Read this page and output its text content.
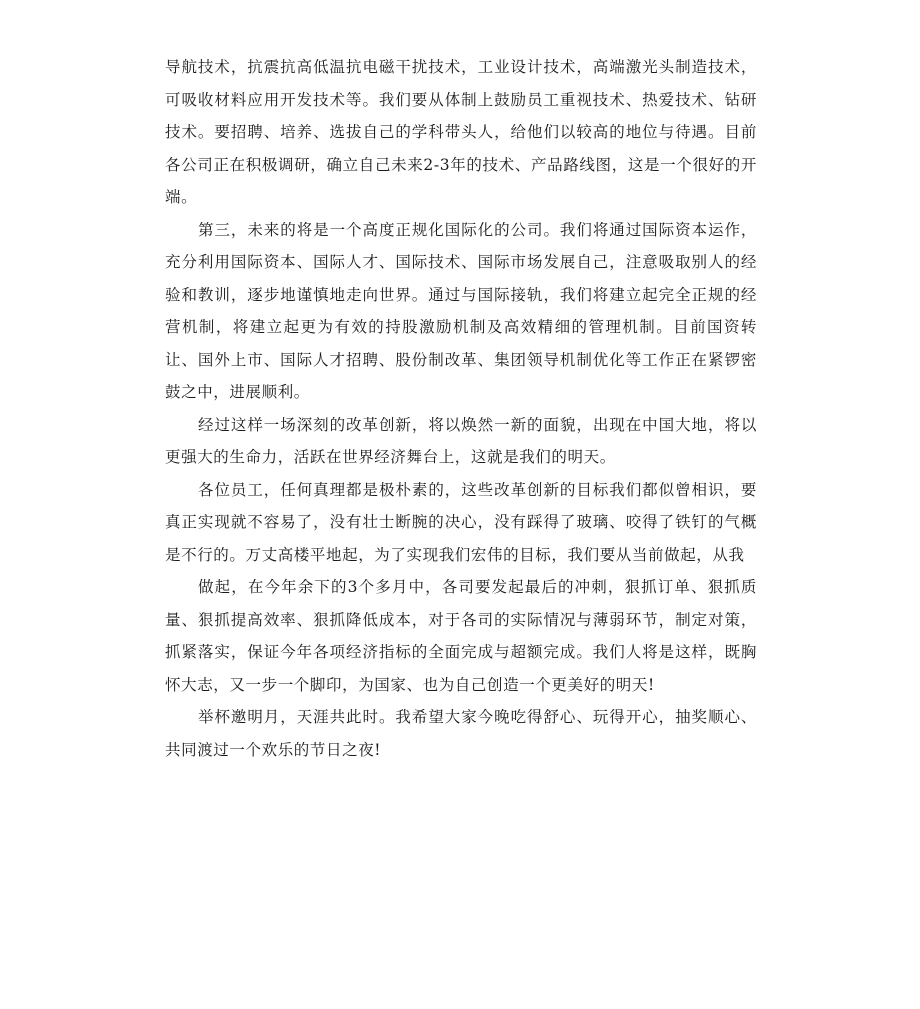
导航技术，抗震抗高低温抗电磁干扰技术，工业设计技术，高端激光头制造技术，可吸收材料应用开发技术等。我们要从体制上鼓励员工重视技术、热爱技术、钻研技术。要招聘、培养、选拔自己的学科带头人，给他们以较高的地位与待遇。目前各公司正在积极调研，确立自己未来2-3年的技术、产品路线图，这是一个很好的开端。

第三，未来的将是一个高度正规化国际化的公司。我们将通过国际资本运作，充分利用国际资本、国际人才、国际技术、国际市场发展自己，注意吸取别人的经验和教训，逐步地谨慎地走向世界。通过与国际接轨，我们将建立起完全正规的经营机制，将建立起更为有效的持股激励机制及高效精细的管理机制。目前国资转让、国外上市、国际人才招聘、股份制改革、集团领导机制优化等工作正在紧锣密鼓之中，进展顺利。

经过这样一场深刻的改革创新，将以焕然一新的面貌，出现在中国大地，将以更强大的生命力，活跃在世界经济舞台上，这就是我们的明天。

各位员工，任何真理都是极朴素的，这些改革创新的目标我们都似曾相识，要真正实现就不容易了，没有壮士断腕的决心，没有踩得了玻璃、咬得了铁钉的气概是不行的。万丈高楼平地起，为了实现我们宏伟的目标，我们要从当前做起，从我

做起，在今年余下的3个多月中，各司要发起最后的冲刺，狠抓订单、狠抓质量、狠抓提高效率、狠抓降低成本，对于各司的实际情况与薄弱环节，制定对策，抓紧落实，保证今年各项经济指标的全面完成与超额完成。我们人将是这样，既胸怀大志，又一步一个脚印，为国家、也为自己创造一个更美好的明天!

举杯邀明月，天涯共此时。我希望大家今晚吃得舒心、玩得开心，抽奖顺心、共同渡过一个欢乐的节日之夜!
